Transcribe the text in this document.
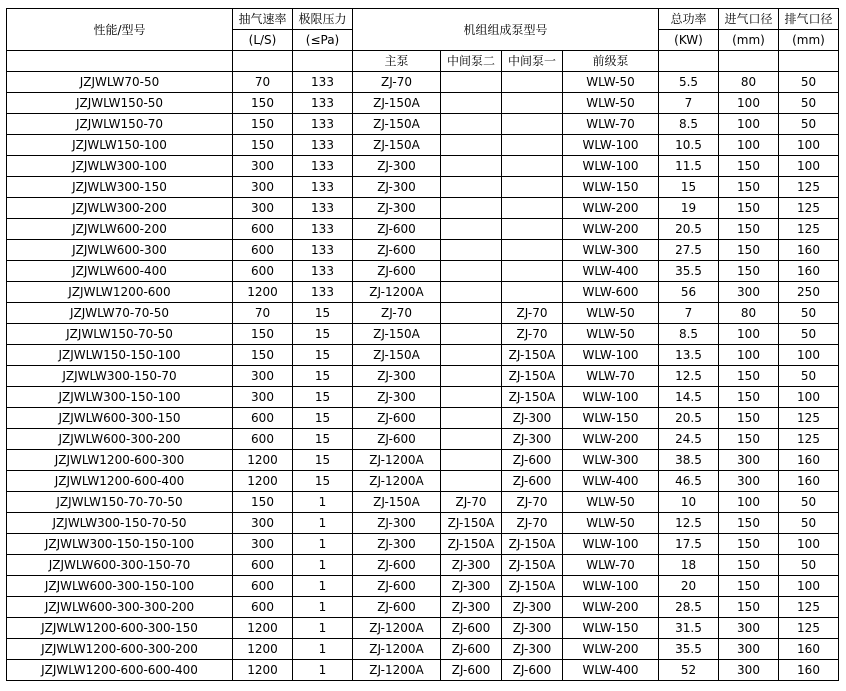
性能/型号	抽气速率	极限压力	机组组成泵型号				总功率	进气口径	排气口径
	(L/S)	(≤Pa)					(KW)	(mm)	(mm)
			主泵	中间泵二	中间泵一	前级泵			
JZJWLW70-50	70	133	ZJ-70			WLW-50	5.5	80	50
JZJWLW150-50	150	133	ZJ-150A			WLW-50	7	100	50
JZJWLW150-70	150	133	ZJ-150A			WLW-70	8.5	100	50
JZJWLW150-100	150	133	ZJ-150A			WLW-100	10.5	100	100
JZJWLW300-100	300	133	ZJ-300			WLW-100	11.5	150	100
JZJWLW300-150	300	133	ZJ-300			WLW-150	15	150	125
JZJWLW300-200	300	133	ZJ-300			WLW-200	19	150	125
JZJWLW600-200	600	133	ZJ-600			WLW-200	20.5	150	125
JZJWLW600-300	600	133	ZJ-600			WLW-300	27.5	150	160
JZJWLW600-400	600	133	ZJ-600			WLW-400	35.5	150	160
JZJWLW1200-600	1200	133	ZJ-1200A			WLW-600	56	300	250
JZJWLW70-70-50	70	15	ZJ-70		ZJ-70	WLW-50	7	80	50
JZJWLW150-70-50	150	15	ZJ-150A		ZJ-70	WLW-50	8.5	100	50
JZJWLW150-150-100	150	15	ZJ-150A		ZJ-150A	WLW-100	13.5	100	100
JZJWLW300-150-70	300	15	ZJ-300		ZJ-150A	WLW-70	12.5	150	50
JZJWLW300-150-100	300	15	ZJ-300		ZJ-150A	WLW-100	14.5	150	100
JZJWLW600-300-150	600	15	ZJ-600		ZJ-300	WLW-150	20.5	150	125
JZJWLW600-300-200	600	15	ZJ-600		ZJ-300	WLW-200	24.5	150	125
JZJWLW1200-600-300	1200	15	ZJ-1200A		ZJ-600	WLW-300	38.5	300	160
JZJWLW1200-600-400	1200	15	ZJ-1200A		ZJ-600	WLW-400	46.5	300	160
JZJWLW150-70-70-50	150	1	ZJ-150A	ZJ-70	ZJ-70	WLW-50	10	100	50
JZJWLW300-150-70-50	300	1	ZJ-300	ZJ-150A	ZJ-70	WLW-50	12.5	150	50
JZJWLW300-150-150-100	300	1	ZJ-300	ZJ-150A	ZJ-150A	WLW-100	17.5	150	100
JZJWLW600-300-150-70	600	1	ZJ-600	ZJ-300	ZJ-150A	WLW-70	18	150	50
JZJWLW600-300-150-100	600	1	ZJ-600	ZJ-300	ZJ-150A	WLW-100	20	150	100
JZJWLW600-300-300-200	600	1	ZJ-600	ZJ-300	ZJ-300	WLW-200	28.5	150	125
JZJWLW1200-600-300-150	1200	1	ZJ-1200A	ZJ-600	ZJ-300	WLW-150	31.5	300	125
JZJWLW1200-600-300-200	1200	1	ZJ-1200A	ZJ-600	ZJ-300	WLW-200	35.5	300	160
JZJWLW1200-600-600-400	1200	1	ZJ-1200A	ZJ-600	ZJ-600	WLW-400	52	300	160
